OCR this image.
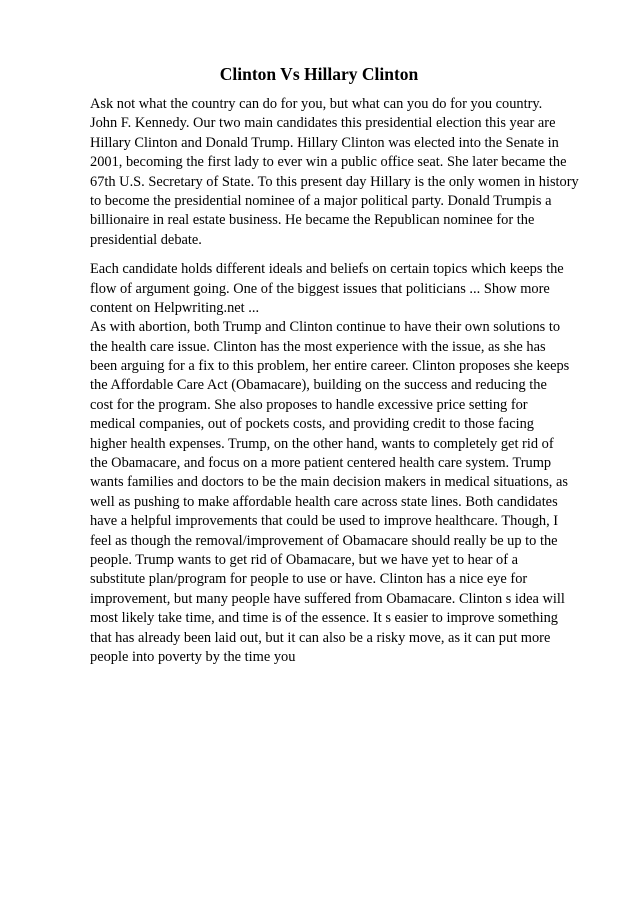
Clinton Vs Hillary Clinton
Ask not what the country can do for you, but what can you do for you country.
John F. Kennedy. Our two main candidates this presidential election this year are
Hillary Clinton and Donald Trump. Hillary Clinton was elected into the Senate in
2001, becoming the first lady to ever win a public office seat. She later became the
67th U.S. Secretary of State. To this present day Hillary is the only women in history
to become the presidential nominee of a major political party. Donald Trumpis a
billionaire in real estate business. He became the Republican nominee for the
presidential debate.
Each candidate holds different ideals and beliefs on certain topics which keeps the
flow of argument going. One of the biggest issues that politicians ... Show more
content on Helpwriting.net ...
As with abortion, both Trump and Clinton continue to have their own solutions to
the health care issue. Clinton has the most experience with the issue, as she has
been arguing for a fix to this problem, her entire career. Clinton proposes she keeps
the Affordable Care Act (Obamacare), building on the success and reducing the
cost for the program. She also proposes to handle excessive price setting for
medical companies, out of pockets costs, and providing credit to those facing
higher health expenses. Trump, on the other hand, wants to completely get rid of
the Obamacare, and focus on a more patient centered health care system. Trump
wants families and doctors to be the main decision makers in medical situations, as
well as pushing to make affordable health care across state lines. Both candidates
have a helpful improvements that could be used to improve healthcare. Though, I
feel as though the removal/improvement of Obamacare should really be up to the
people. Trump wants to get rid of Obamacare, but we have yet to hear of a
substitute plan/program for people to use or have. Clinton has a nice eye for
improvement, but many people have suffered from Obamacare. Clinton s idea will
most likely take time, and time is of the essence. It s easier to improve something
that has already been laid out, but it can also be a risky move, as it can put more
people into poverty by the time you
